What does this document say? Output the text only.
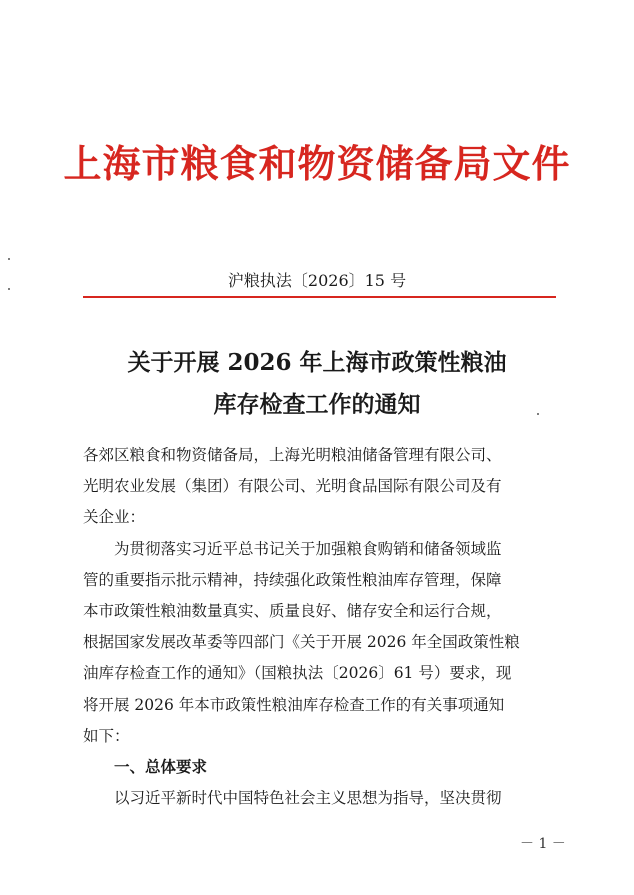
上海市粮食和物资储备局文件
沪粮执法〔2026〕15 号
关于开展 2026 年上海市政策性粮油
库存检查工作的通知
各郊区粮食和物资储备局，上海光明粮油储备管理有限公司、
光明农业发展（集团）有限公司、光明食品国际有限公司及有
关企业：
为贯彻落实习近平总书记关于加强粮食购销和储备领域监
管的重要指示批示精神，持续强化政策性粮油库存管理，保障
本市政策性粮油数量真实、质量良好、储存安全和运行合规，
根据国家发展改革委等四部门《关于开展 2026 年全国政策性粮
油库存检查工作的通知》（国粮执法〔2026〕61 号）要求，现
将开展 2026 年本市政策性粮油库存检查工作的有关事项通知
如下：
一、总体要求
以习近平新时代中国特色社会主义思想为指导，坚决贯彻
－ 1 －
